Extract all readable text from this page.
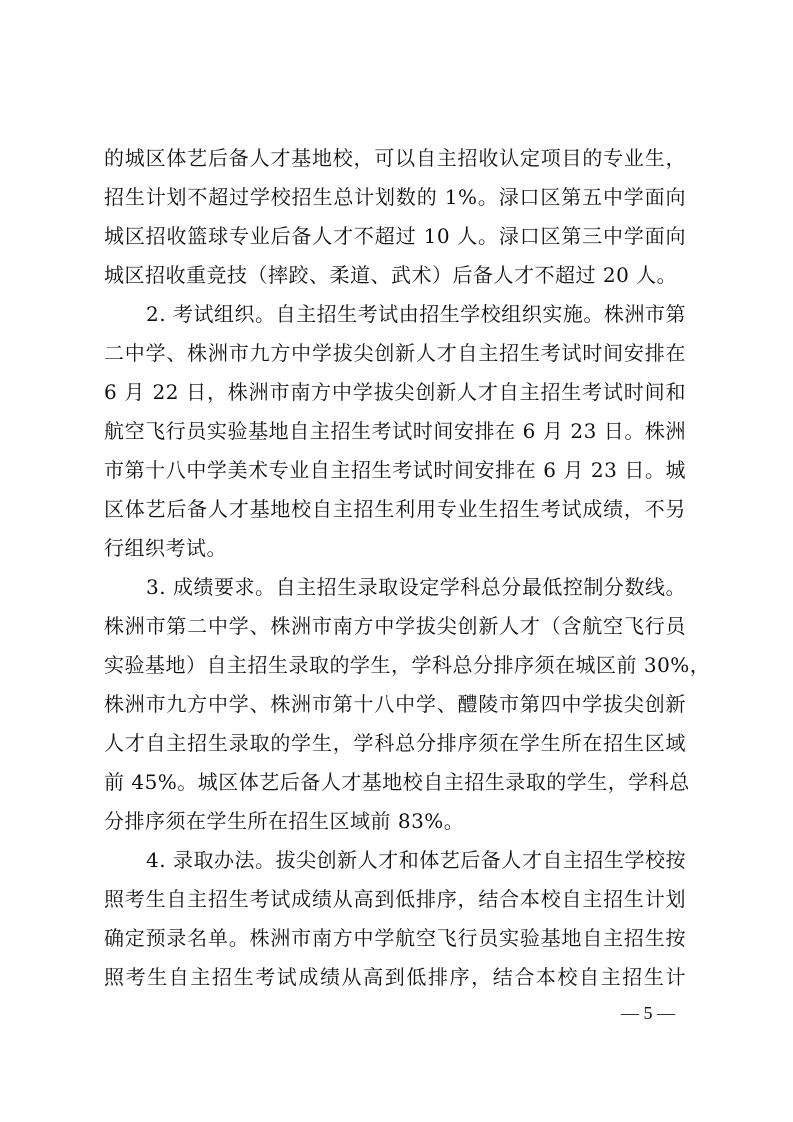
的城区体艺后备人才基地校，可以自主招收认定项目的专业生，
招生计划不超过学校招生总计划数的 1%。渌口区第五中学面向
城区招收篮球专业后备人才不超过 10 人。渌口区第三中学面向
城区招收重竞技（摔跤、柔道、武术）后备人才不超过 20 人。
2. 考试组织。自主招生考试由招生学校组织实施。株洲市第
二中学、株洲市九方中学拔尖创新人才自主招生考试时间安排在
6 月 22 日，株洲市南方中学拔尖创新人才自主招生考试时间和
航空飞行员实验基地自主招生考试时间安排在 6 月 23 日。株洲
市第十八中学美术专业自主招生考试时间安排在 6 月 23 日。城
区体艺后备人才基地校自主招生利用专业生招生考试成绩，不另
行组织考试。
3. 成绩要求。自主招生录取设定学科总分最低控制分数线。
株洲市第二中学、株洲市南方中学拔尖创新人才（含航空飞行员
实验基地）自主招生录取的学生，学科总分排序须在城区前 30%，
株洲市九方中学、株洲市第十八中学、醴陵市第四中学拔尖创新
人才自主招生录取的学生，学科总分排序须在学生所在招生区域
前 45%。城区体艺后备人才基地校自主招生录取的学生，学科总
分排序须在学生所在招生区域前 83%。
4. 录取办法。拔尖创新人才和体艺后备人才自主招生学校按
照考生自主招生考试成绩从高到低排序，结合本校自主招生计划
确定预录名单。株洲市南方中学航空飞行员实验基地自主招生按
照考生自主招生考试成绩从高到低排序，结合本校自主招生计
— 5 —
